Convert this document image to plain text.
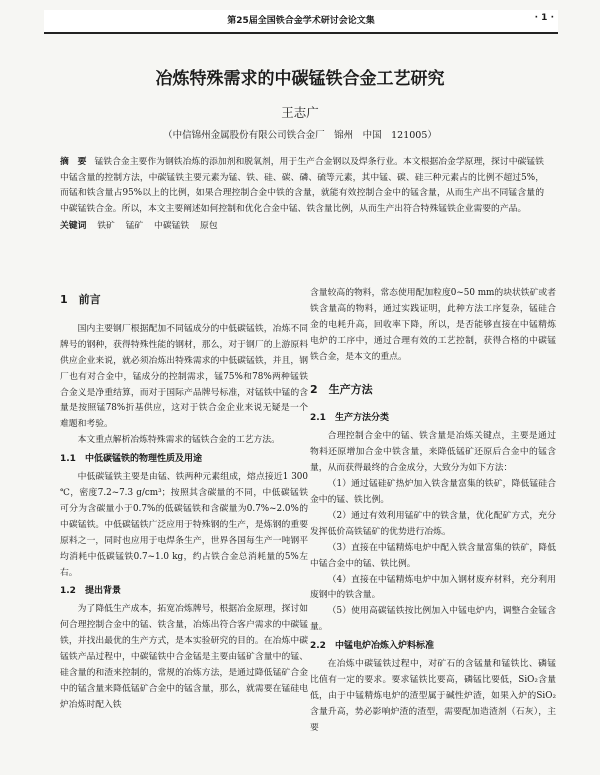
第25届全国铁合金学术研讨会论文集	· 1 ·
冶炼特殊需求的中碳锰铁合金工艺研究
王志广
（中信锦州金属股份有限公司铁合金厂　锦州　中国　121005）
摘　要 锰铁合金主要作为钢铁冶炼的添加剂和脱氧剂，用于生产合金钢以及焊条行业。本文根据冶金学原理，探讨中碳锰铁中锰含量的控制方法，中碳锰铁主要元素为锰、铁、硅、碳、磷、硫等元素，其中锰、碳、硅三种元素占的比例不超过5%，而锰和铁含量占95%以上的比例，如果合理控制合金中铁的含量，就能有效控制合金中的锰含量，从而生产出不同锰含量的中碳锰铁合金。所以，本文主要阐述如何控制和优化合金中锰、铁含量比例，从而生产出符合特殊锰铁企业需要的产品。
关键词 铁矿 锰矿 中碳锰铁 原包
1　前言

国内主要钢厂根据配加不同锰成分的中低碳锰铁，冶炼不同牌号的钢种，获得特殊性能的钢材，那么，对于钢厂的上游原料供应企业来说，就必须冶炼出特殊需求的中低碳锰铁，并且，钢厂也有对合金中，锰成分的控制需求，锰75%和78%两种锰铁合金义是净重结算，而对于国际产品牌号标准，对锰铁中锰的含量是按照锰78%折基供应，这对于铁合金企业来说无疑是一个难题和考验。

本文重点解析冶炼特殊需求的锰铁合金的工艺方法。

1.1　中低碳锰铁的物理性质及用途

中低碳锰铁主要是由锰、铁两种元素组成，熔点接近1 300 ℃，密度7.2~7.3 g/cm³；按照其含碳量的不同，中低碳锰铁可分为含碳量小于0.7%的低碳锰铁和含碳量为0.7%~2.0%的中碳锰铁。中低碳锰铁广泛应用于特殊钢的生产，是炼钢的重要原料之一，同时也应用于电焊条生产，世界各国每生产一吨钢平均消耗中低碳锰铁0.7~1.0 kg，约占铁合金总消耗量的5%左右。

1.2　提出背景

为了降低生产成本，拓宽冶炼牌号，根据冶金原理，探讨如何合理控制合金中的锰、铁含量，冶炼出符合客户需求的中碳锰铁，并找出最优的生产方式，是本实验研究的目的。在冶炼中碳锰铁产品过程中，中碳锰铁中合金锰是主要由锰矿含量中的锰、硅含量的和渣来控制的，常规的冶炼方法，是通过降低锰矿合金中的锰含量来降低锰矿合金中的锰含量，那么，就需要在锰硅电炉冶炼时配入铁

含量较高的物料，常态使用配加粒度0~50 mm的块状铁矿或者铁含量高的物料，通过实践证明，此种方法工序复杂，锰硅合金的电耗升高，回收率下降，所以，是否能够直接在中锰精炼电炉的工序中，通过合理有效的工艺控制，获得合格的中碳锰铁合金，是本文的重点。

2　生产方法
2.1　生产方法分类

合理控制合金中的锰、铁含量是冶炼关键点，主要是通过物料还原增加合金中铁含量，来降低锰矿还原后合金中的锰含量，从而获得最终的合金成分，大致分为如下方法：

（1）通过锰硅矿热炉加入铁含量富集的铁矿，降低锰硅合金中的锰、铁比例。

（2）通过有效利用锰矿中的铁含量，优化配矿方式，充分发挥低价高铁锰矿的优势进行冶炼。

（3）直接在中锰精炼电炉中配入铁含量富集的铁矿，降低中锰合金中的锰、铁比例。

（4）直接在中锰精炼电炉中加入钢材废弃材料，充分利用废钢中的铁含量。

（5）使用高碳锰铁按比例加入中锰电炉内，调整合金锰含量。

2.2　中锰电炉冶炼入炉料标准

在冶炼中碳锰铁过程中，对矿石的含锰量和锰铁比、磷锰比值有一定的要求。要求锰铁比要高，磷锰比要低，SiO₂含量低，由于中锰精炼电炉的渣型属于碱性炉渣，如果入炉的SiO₂含量升高，势必影响炉渣的渣型，需要配加造渣剂（石灰），主要
